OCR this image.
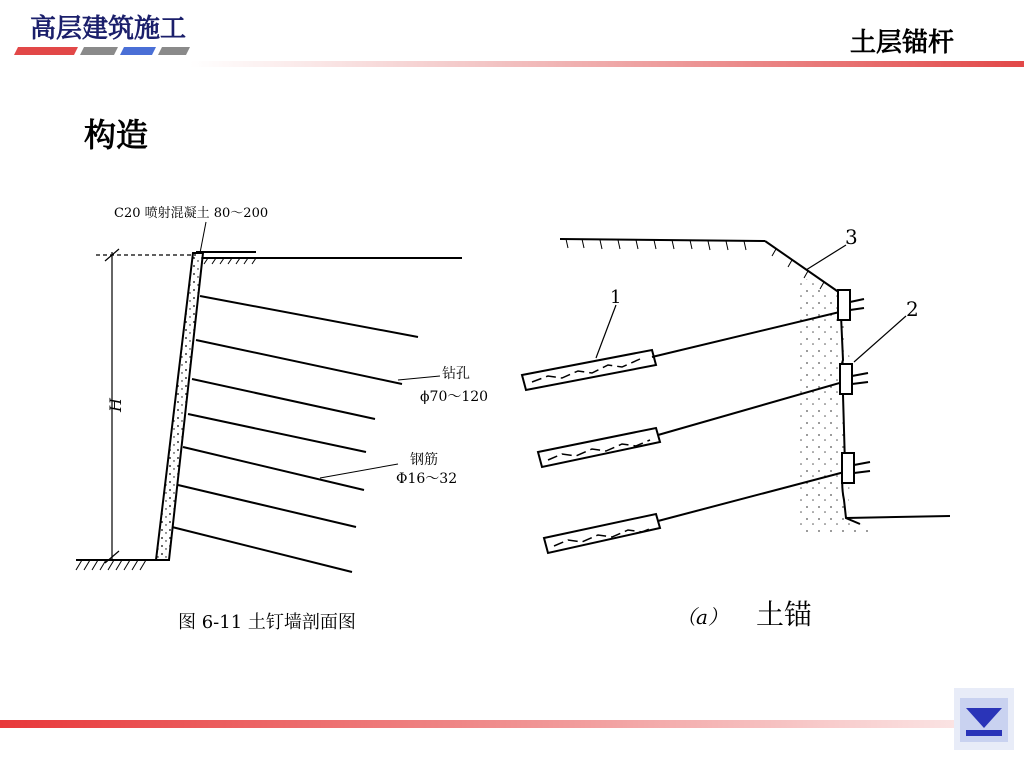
高层建筑施工	土层锚杆
构造
H
C20 喷射混凝土 80～200
钻孔
ϕ70～120
钢筋
Φ16～32
图 6-11 土钉墙剖面图
1	2
3
（a） 土锚
